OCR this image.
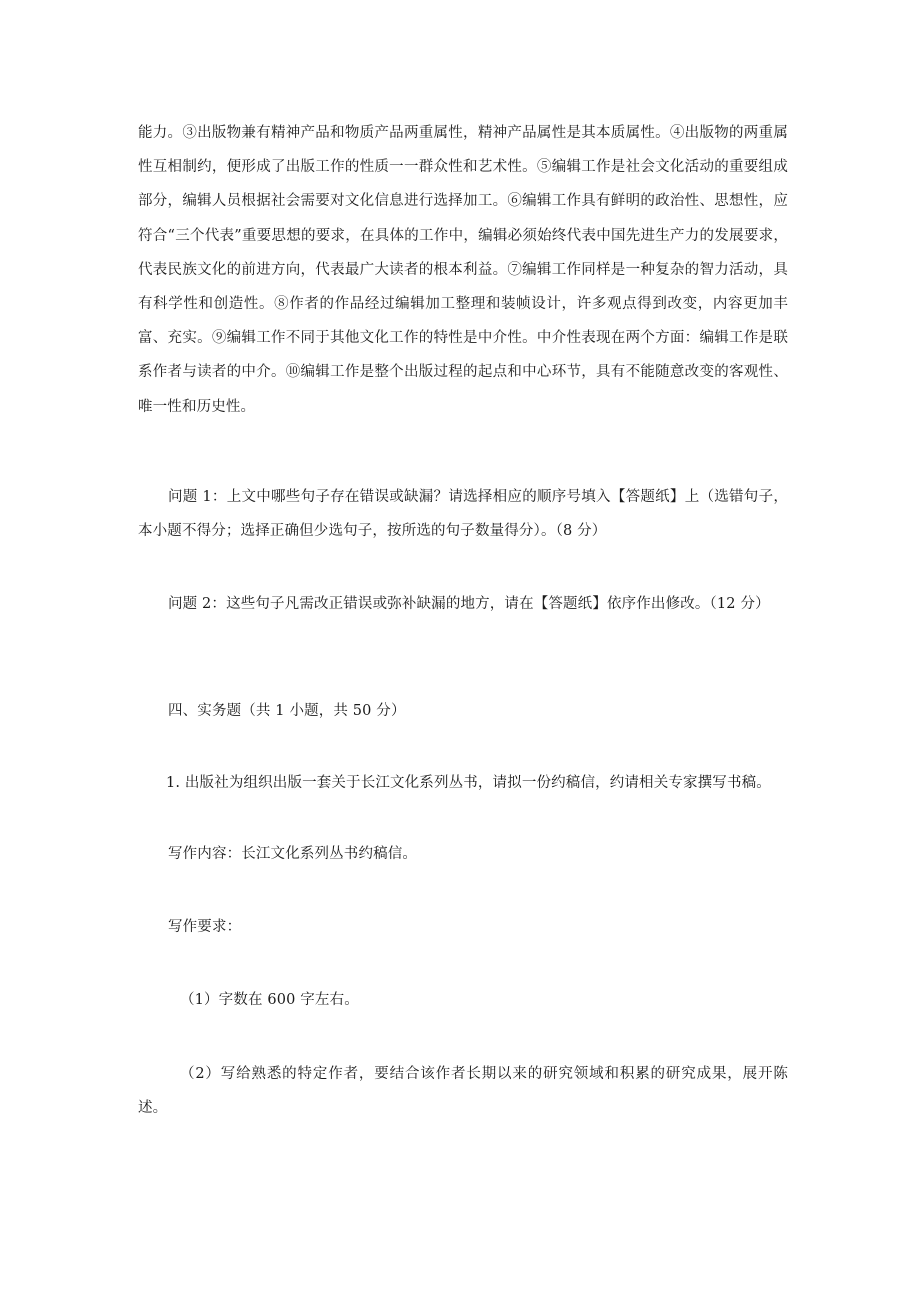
能力。③出版物兼有精神产品和物质产品两重属性，精神产品属性是其本质属性。④出版物的两重属性互相制约，便形成了出版工作的性质一一群众性和艺术性。⑤编辑工作是社会文化活动的重要组成部分，编辑人员根据社会需要对文化信息进行选择加工。⑥编辑工作具有鲜明的政治性、思想性，应符合“三个代表”重要思想的要求，在具体的工作中，编辑必须始终代表中国先进生产力的发展要求，代表民族文化的前进方向，代表最广大读者的根本利益。⑦编辑工作同样是一种复杂的智力活动，具有科学性和创造性。⑧作者的作品经过编辑加工整理和装帧设计，许多观点得到改变，内容更加丰富、充实。⑨编辑工作不同于其他文化工作的特性是中介性。中介性表现在两个方面：编辑工作是联系作者与读者的中介。⑩编辑工作是整个出版过程的起点和中心环节，具有不能随意改变的客观性、唯一性和历史性。

问题 1：上文中哪些句子存在错误或缺漏？请选择相应的顺序号填入【答题纸】上（选错句子，本小题不得分；选择正确但少选句子，按所选的句子数量得分）。（8 分）

问题 2：这些句子凡需改正错误或弥补缺漏的地方，请在【答题纸】依序作出修改。（12 分）

四、实务题（共 1 小题，共 50 分）

1. 出版社为组织出版一套关于长江文化系列丛书，请拟一份约稿信，约请相关专家撰写书稿。

写作内容：长江文化系列丛书约稿信。

写作要求：

（1）字数在 600 字左右。

（2）写给熟悉的特定作者，要结合该作者长期以来的研究领域和积累的研究成果，展开陈述。
